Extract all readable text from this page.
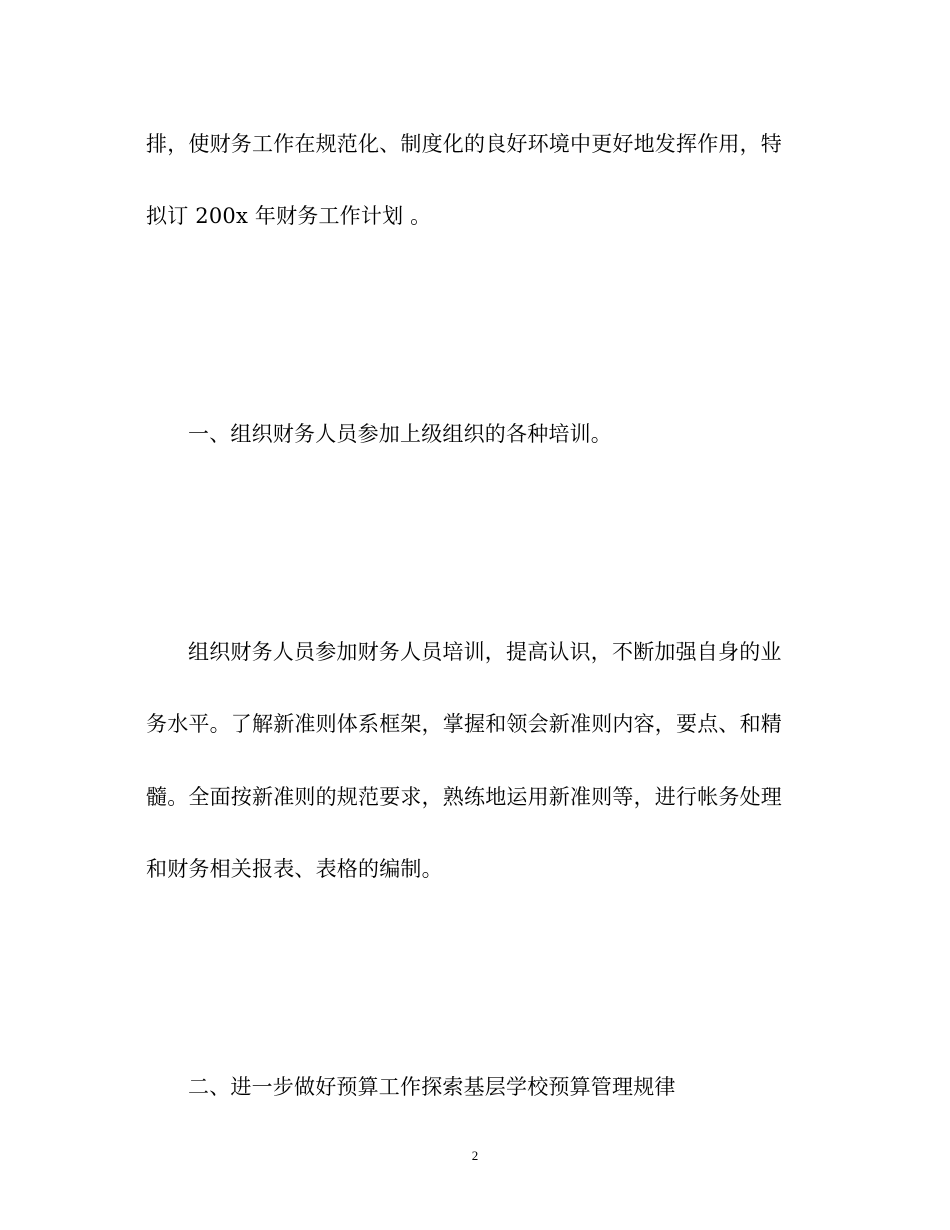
排，使财务工作在规范化、制度化的良好环境中更好地发挥作用，特
拟订 200x 年财务工作计划 。
一、组织财务人员参加上级组织的各种培训。
组织财务人员参加财务人员培训，提高认识，不断加强自身的业
务水平。了解新准则体系框架，掌握和领会新准则内容，要点、和精
髓。全面按新准则的规范要求，熟练地运用新准则等，进行帐务处理
和财务相关报表、表格的编制。
二、进一步做好预算工作探索基层学校预算管理规律
2
